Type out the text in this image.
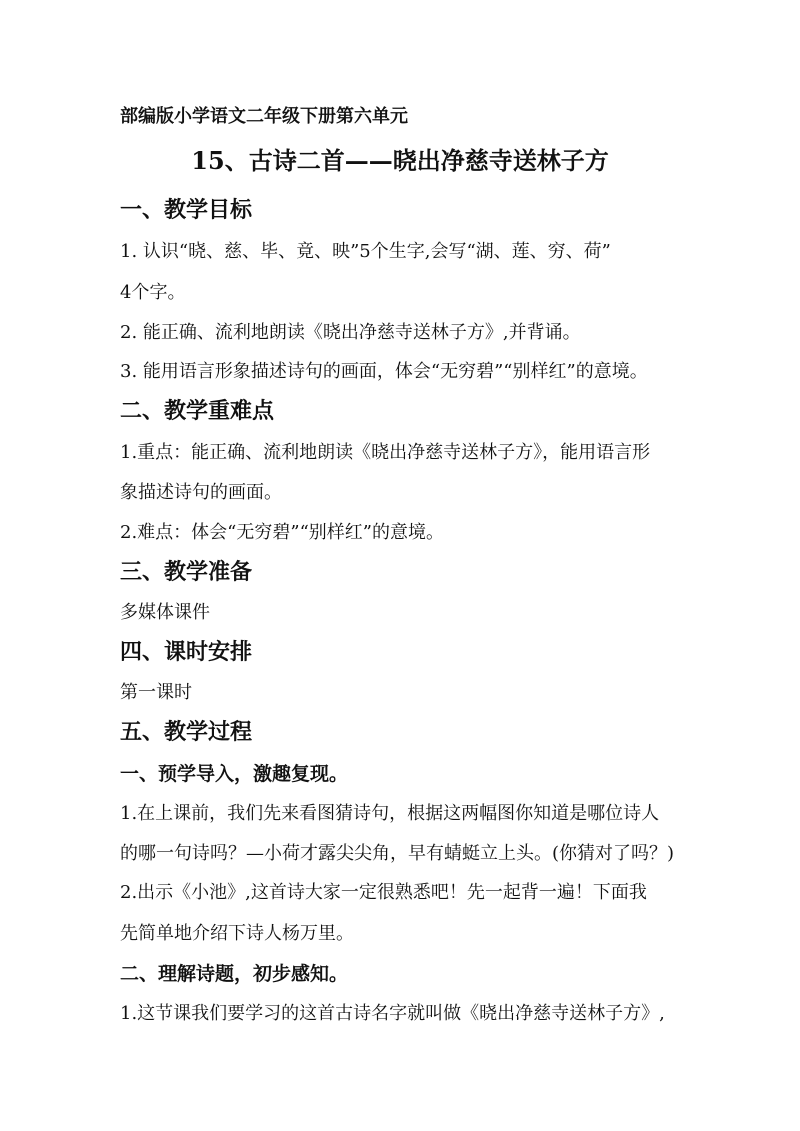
部编版小学语文二年级下册第六单元
15、古诗二首——晓出净慈寺送林子方
一、教学目标
1. 认识“晓、慈、毕、竟、映”5个生字,会写“湖、莲、穷、荷”
4个字。
2. 能正确、流利地朗读《晓出净慈寺送林子方》,并背诵。
3. 能用语言形象描述诗句的画面，体会“无穷碧”“别样红”的意境。
二、教学重难点
1.重点：能正确、流利地朗读《晓出净慈寺送林子方》，能用语言形
象描述诗句的画面。
2.难点：体会“无穷碧”“别样红”的意境。
三、教学准备
多媒体课件
四、课时安排
第一课时
五、教学过程
一、预学导入，激趣复现。
1.在上课前，我们先来看图猜诗句，根据这两幅图你知道是哪位诗人
的哪一句诗吗？—小荷才露尖尖角，早有蜻蜓立上头。(你猜对了吗？)
2.出示《小池》,这首诗大家一定很熟悉吧！先一起背一遍！下面我
先简单地介绍下诗人杨万里。
二、理解诗题，初步感知。
1.这节课我们要学习的这首古诗名字就叫做《晓出净慈寺送林子方》,
